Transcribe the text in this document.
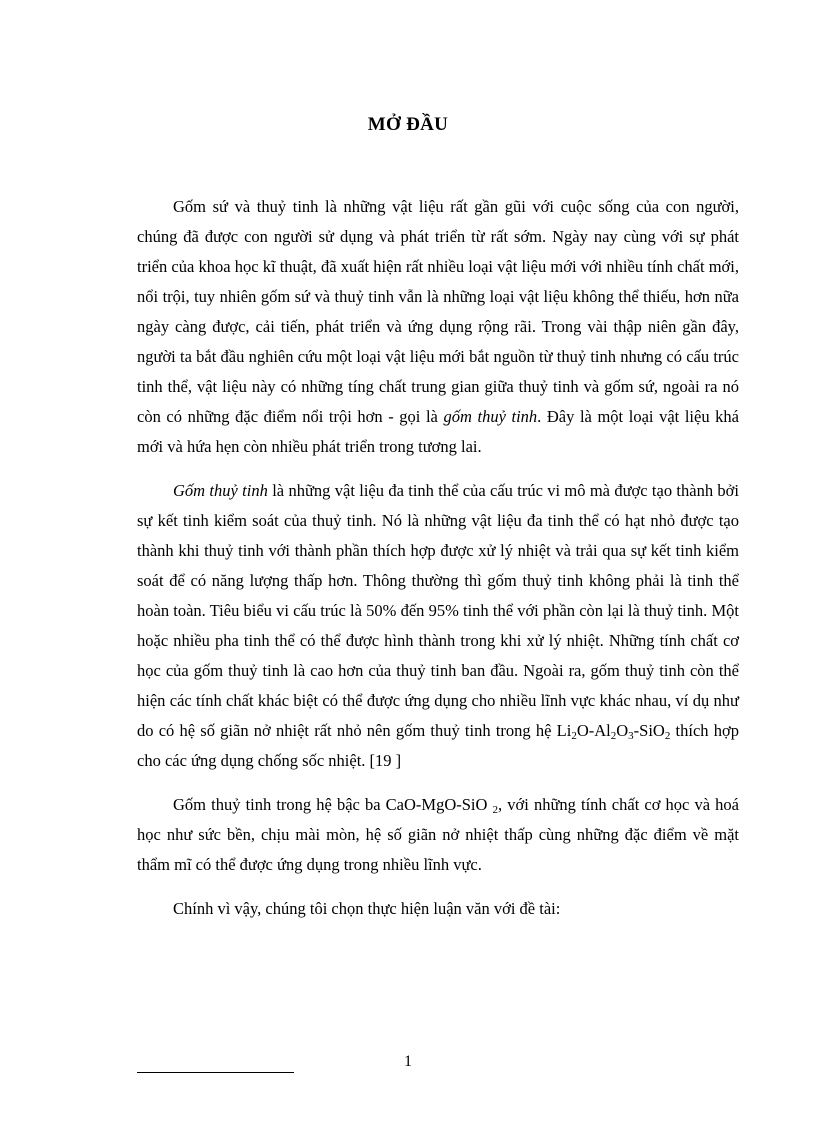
MỞ ĐẦU

Gốm sứ và thuỷ tinh là những vật liệu rất gần gũi với cuộc sống của con người, chúng đã được con người sử dụng và phát triển từ rất sớm. Ngày nay cùng với sự phát triển của khoa học kĩ thuật, đã xuất hiện rất nhiều loại vật liệu mới với nhiều tính chất mới, nổi trội, tuy nhiên gốm sứ và thuỷ tinh vẫn là những loại vật liệu không thể thiếu, hơn nữa ngày càng được, cải tiến, phát triển và ứng dụng rộng rãi. Trong vài thập niên gần đây, người ta bắt đầu nghiên cứu một loại vật liệu mới bắt nguồn từ thuỷ tinh nhưng có cấu trúc tinh thể, vật liệu này có những tíng chất trung gian giữa thuỷ tinh và gốm sứ, ngoài ra nó còn có những đặc điểm nổi trội hơn - gọi là gốm thuỷ tinh. Đây là một loại vật liệu khá mới và hứa hẹn còn nhiều phát triển trong tương lai.

Gốm thuỷ tinh là những vật liệu đa tinh thể của cấu trúc vi mô mà được tạo thành bởi sự kết tinh kiểm soát của thuỷ tinh. Nó là những vật liệu đa tinh thể có hạt nhỏ được tạo thành khi thuỷ tinh với thành phần thích hợp được xử lý nhiệt và trải qua sự kết tinh kiểm soát để có năng lượng thấp hơn. Thông thường thì gốm thuỷ tinh không phải là tinh thể hoàn toàn. Tiêu biểu vi cấu trúc là 50% đến 95% tinh thể với phần còn lại là thuỷ tinh. Một hoặc nhiều pha tinh thể có thể được hình thành trong khi xử lý nhiệt. Những tính chất cơ học của gốm thuỷ tinh là cao hơn của thuỷ tinh ban đầu. Ngoài ra, gốm thuỷ tinh còn thể hiện các tính chất khác biệt có thể được ứng dụng cho nhiều lĩnh vực khác nhau, ví dụ như do có hệ số giãn nở nhiệt rất nhỏ nên gốm thuỷ tinh trong hệ $Li_2O-Al_2O_3-SiO_2$ thích hợp cho các ứng dụng chống sốc nhiệt. [19 ]

Gốm thuỷ tinh trong hệ bậc ba CaO-MgO-SiO $_2$, với những tính chất cơ học và hoá học như sức bền, chịu mài mòn, hệ số giãn nở nhiệt thấp cùng những đặc điểm về mặt thẩm mĩ có thể được ứng dụng trong nhiều lĩnh vực.

Chính vì vậy, chúng tôi chọn thực hiện luận văn với đề tài:

1
